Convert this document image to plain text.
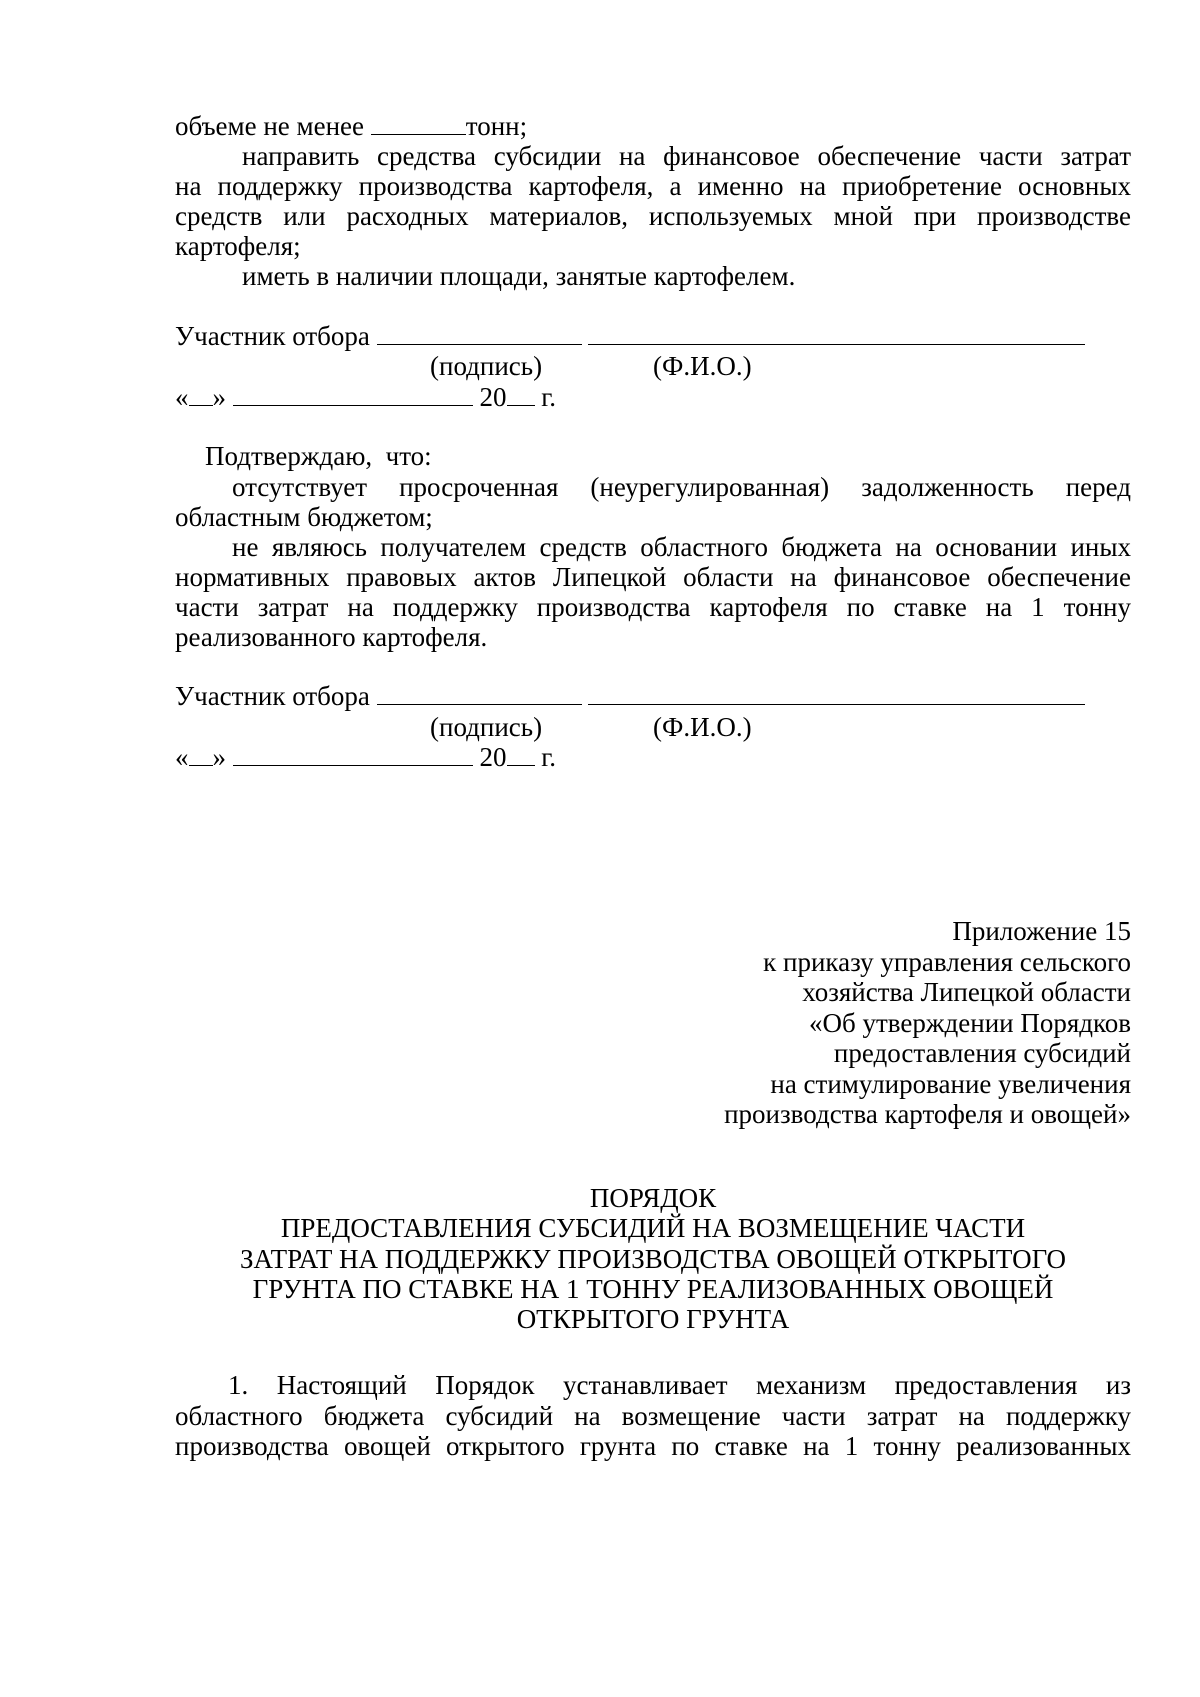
объеме не менее	тонн;
направить средства субсидии на финансовое обеспечение части затрат
на поддержку производства картофеля, а именно на приобретение основных
средств или расходных материалов, используемых мной при производстве
картофеля;
иметь в наличии площади, занятые картофелем.
Участник отбора
(подпись)	(Ф.И.О.)
« »	20 г.
Подтверждаю,  что:
отсутствует просроченная (неурегулированная) задолженность перед
областным бюджетом;
не являюсь получателем средств областного бюджета на основании иных
нормативных правовых актов Липецкой области на финансовое обеспечение
части затрат на поддержку производства картофеля по ставке на 1 тонну
реализованного картофеля.
Участник отбора
(подпись)	(Ф.И.О.)
« »	20 г.
Приложение 15
к приказу управления сельского
хозяйства Липецкой области
«Об утверждении Порядков
предоставления субсидий
на стимулирование увеличения
производства картофеля и овощей»
ПОРЯДОК
ПРЕДОСТАВЛЕНИЯ СУБСИДИЙ НА ВОЗМЕЩЕНИЕ ЧАСТИ
ЗАТРАТ НА ПОДДЕРЖКУ ПРОИЗВОДСТВА ОВОЩЕЙ ОТКРЫТОГО
ГРУНТА ПО СТАВКЕ НА 1 ТОННУ РЕАЛИЗОВАННЫХ ОВОЩЕЙ
ОТКРЫТОГО ГРУНТА
1. Настоящий Порядок устанавливает механизм предоставления из
областного бюджета субсидий на возмещение части затрат на поддержку
производства овощей открытого грунта по ставке на 1 тонну реализованных
